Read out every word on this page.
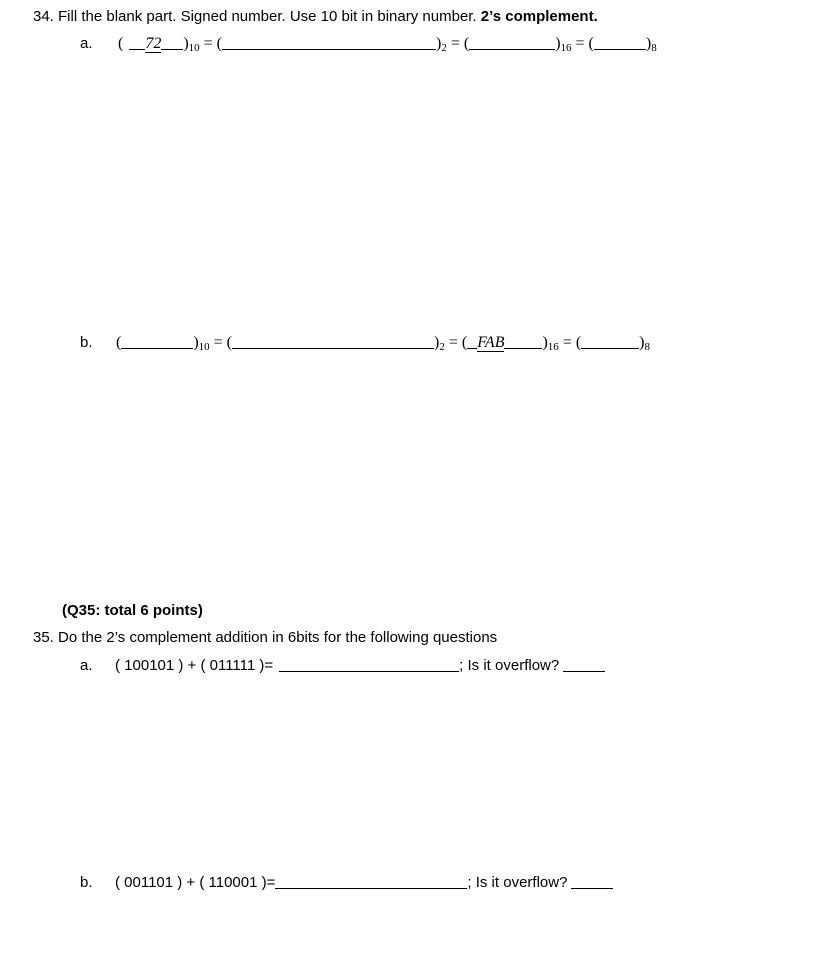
34. Fill the blank part. Signed number. Use 10 bit in binary number. 2’s complement.
a. ( 72 )$_{10}$ = (	)$_2$ = (	)$_{16}$ = (	)$_8$
b. (	)$_{10}$ = (	)$_2$ = ( FAB )$_{16}$ = (	)$_8$
(Q35: total 6 points)
35. Do the 2’s complement addition in 6bits for the following questions
a. ( 100101 ) + ( 011111 )=	; Is it overflow?
b. ( 001101 ) + ( 110001 )=	; Is it overflow?
